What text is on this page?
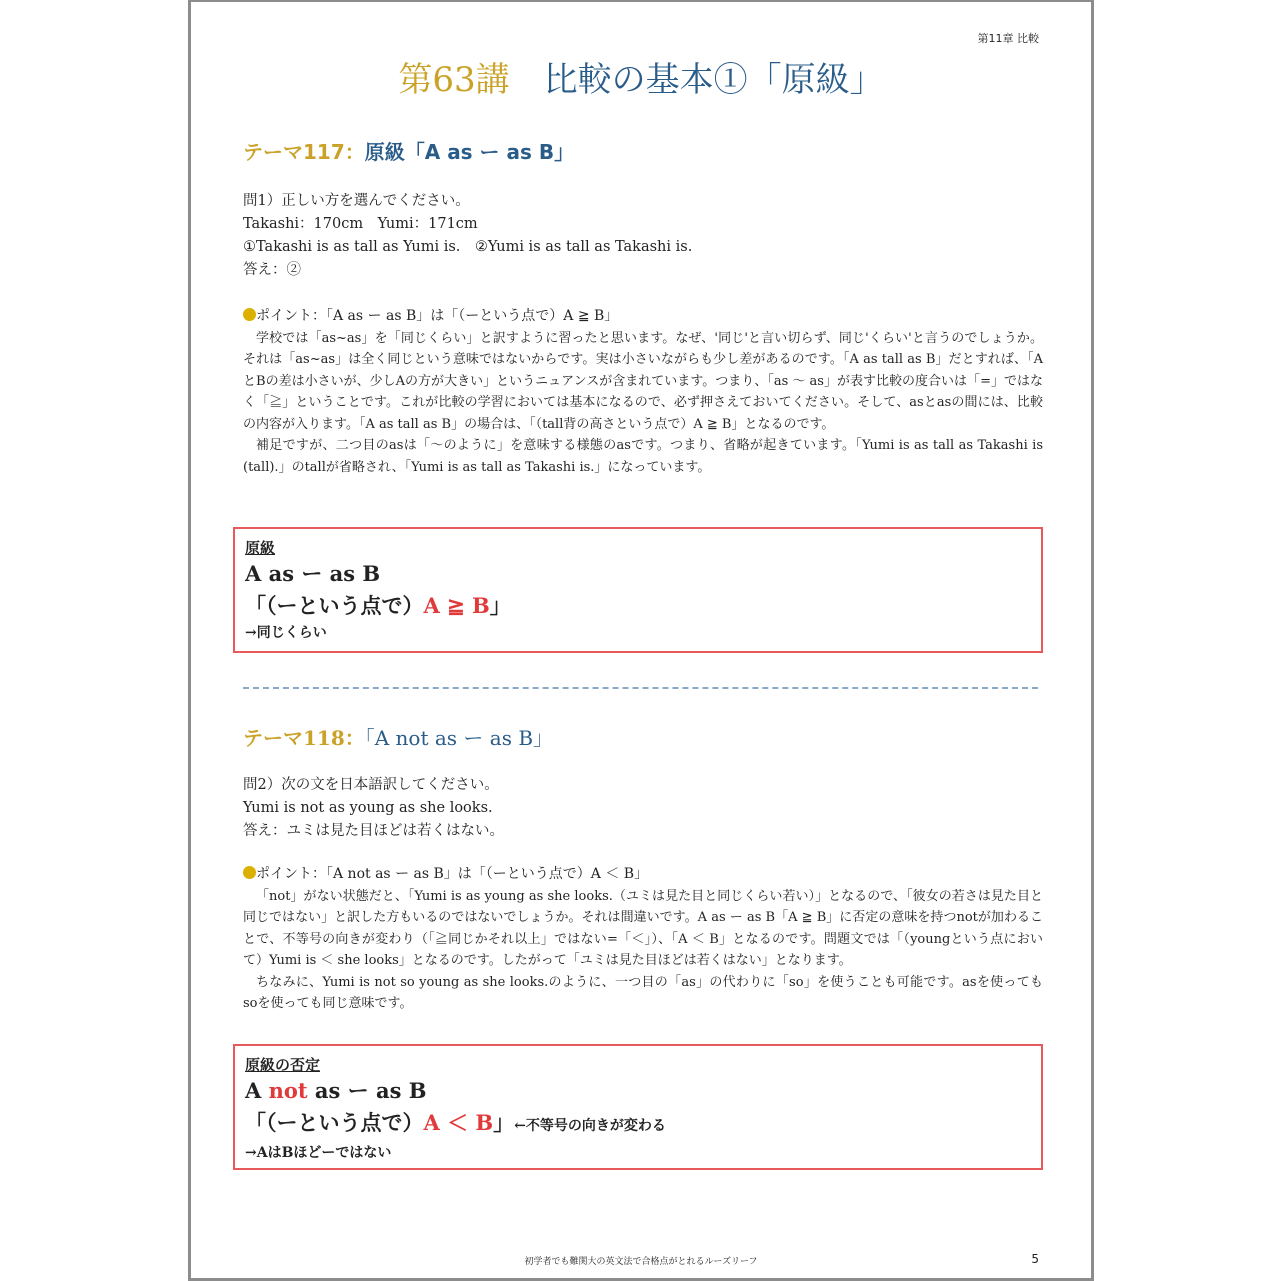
第11章 比較
第63講　 比較の基本①「原級」
テーマ117：原級「A as ー as B」
問1）正しい方を選んでください。
Takashi：170cm　Yumi：171cm
①Takashi is as tall as Yumi is.　②Yumi is as tall as Takashi is.
答え：②
ポイント：「A as ー as B」は「（ーという点で）A ≧ B」
学校では「as~as」を「同じくらい」と訳すように習ったと思います。なぜ、'同じ'と言い切らず、同じ'くらい'と言うのでしょうか。それは「as~as」は全く同じという意味ではないからです。実は小さいながらも少し差があるのです。「A as tall as B」だとすれば、「AとBの差は小さいが、少しAの方が大きい」というニュアンスが含まれています。つまり、「as ～ as」が表す比較の度合いは「=」ではなく「≧」ということです。これが比較の学習においては基本になるので、必ず押さえておいてください。そして、asとasの間には、比較の内容が入ります。「A as tall as B」の場合は、「（tall背の高さという点で）A ≧ B」となるのです。
補足ですが、二つ目のasは「〜のように」を意味する様態のasです。つまり、省略が起きています。「Yumi is as tall as Takashi is (tall).」のtallが省略され、「Yumi is as tall as Takashi is.」になっています。
原級
A as ー as B
「（ーという点で）A ≧ B」
→同じくらい
テーマ118：「A not as ー as B」
問2）次の文を日本語訳してください。
Yumi is not as young as she looks.
答え：ユミは見た目ほどは若くはない。
ポイント：「A not as ー as B」は「（ーという点で）A ＜ B」
「not」がない状態だと、「Yumi is as young as she looks.（ユミは見た目と同じくらい若い）」となるので、「彼女の若さは見た目と同じではない」と訳した方もいるのではないでしょうか。それは間違いです。A as ー as B「A ≧ B」に否定の意味を持つnotが加わることで、不等号の向きが変わり（「≧同じかそれ以上」ではない=「＜」）、「A ＜ B」となるのです。問題文では「（youngという点において）Yumi is ＜ she looks」となるのです。したがって「ユミは見た目ほどは若くはない」となります。
ちなみに、Yumi is not so young as she looks.のように、一つ目の「as」の代わりに「so」を使うことも可能です。asを使ってもsoを使っても同じ意味です。
原級の否定
A not as ー as B
「（ーという点で）A ＜ B」←不等号の向きが変わる
→AはBほどーではない
初学者でも難関大の英文法で合格点がとれるルーズリーフ	5
